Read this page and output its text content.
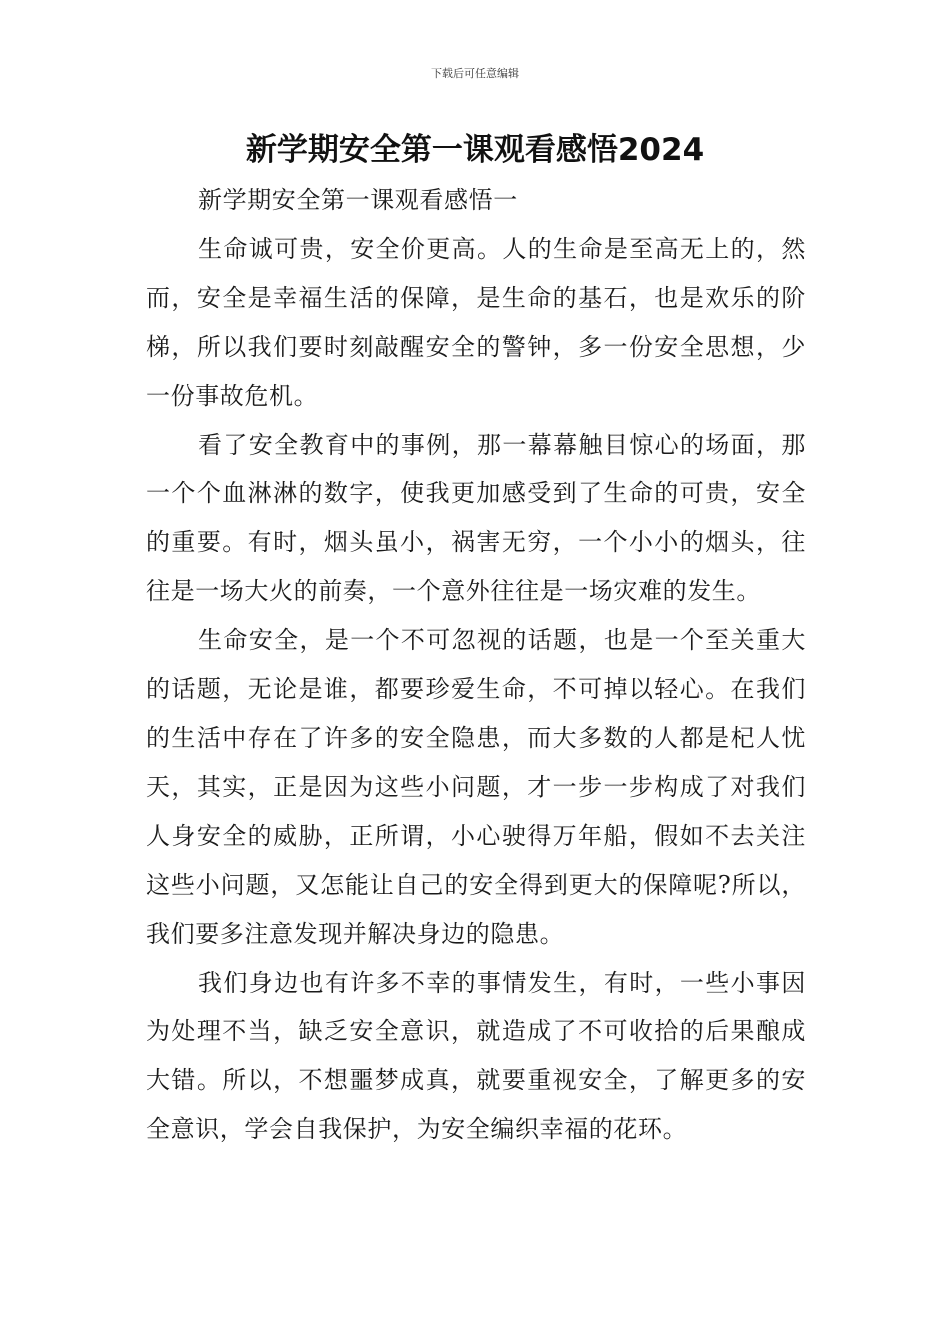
下载后可任意编辑
新学期安全第一课观看感悟2024

新学期安全第一课观看感悟一

生命诚可贵，安全价更高。人的生命是至高无上的，然而，安全是幸福生活的保障，是生命的基石，也是欢乐的阶梯，所以我们要时刻敲醒安全的警钟，多一份安全思想，少一份事故危机。

看了安全教育中的事例，那一幕幕触目惊心的场面，那一个个血淋淋的数字，使我更加感受到了生命的可贵，安全的重要。有时，烟头虽小，祸害无穷，一个小小的烟头，往往是一场大火的前奏，一个意外往往是一场灾难的发生。

生命安全，是一个不可忽视的话题，也是一个至关重大的话题，无论是谁，都要珍爱生命，不可掉以轻心。在我们的生活中存在了许多的安全隐患，而大多数的人都是杞人忧天，其实，正是因为这些小问题，才一步一步构成了对我们人身安全的威胁，正所谓，小心驶得万年船，假如不去关注这些小问题，又怎能让自己的安全得到更大的保障呢?所以，我们要多注意发现并解决身边的隐患。

我们身边也有许多不幸的事情发生，有时，一些小事因为处理不当，缺乏安全意识，就造成了不可收拾的后果酿成大错。所以，不想噩梦成真，就要重视安全，了解更多的安全意识，学会自我保护，为安全编织幸福的花环。
